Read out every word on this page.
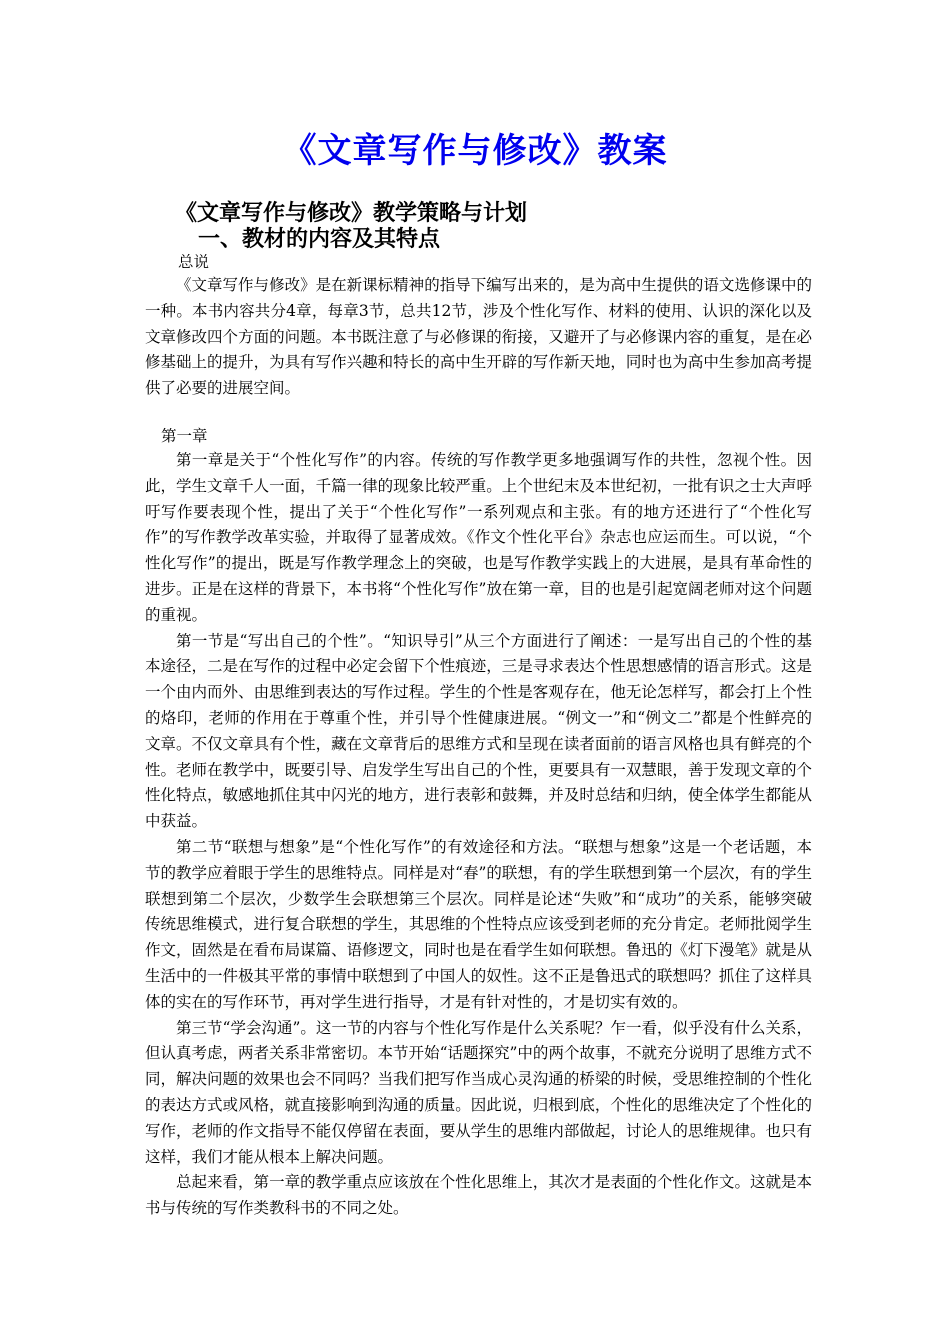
《文章写作与修改》教案
《文章写作与修改》教学策略与计划
一、教材的内容及其特点
总说

《文章写作与修改》是在新课标精神的指导下编写出来的，是为高中生提供的语文选修课中的一种。本书内容共分4章，每章3节，总共12节，涉及个性化写作、材料的使用、认识的深化以及文章修改四个方面的问题。本书既注意了与必修课的衔接，又避开了与必修课内容的重复，是在必修基础上的提升，为具有写作兴趣和特长的高中生开辟的写作新天地，同时也为高中生参加高考提供了必要的进展空间。

第一章

第一章是关于“个性化写作”的内容。传统的写作教学更多地强调写作的共性，忽视个性。因此，学生文章千人一面，千篇一律的现象比较严重。上个世纪末及本世纪初，一批有识之士大声呼吁写作要表现个性，提出了关于“个性化写作”一系列观点和主张。有的地方还进行了“个性化写作”的写作教学改革实验，并取得了显著成效。《作文个性化平台》杂志也应运而生。可以说，“个性化写作”的提出，既是写作教学理念上的突破，也是写作教学实践上的大进展，是具有革命性的进步。正是在这样的背景下，本书将“个性化写作”放在第一章，目的也是引起宽阔老师对这个问题的重视。

第一节是“写出自己的个性”。“知识导引”从三个方面进行了阐述：一是写出自己的个性的基本途径，二是在写作的过程中必定会留下个性痕迹，三是寻求表达个性思想感情的语言形式。这是一个由内而外、由思维到表达的写作过程。学生的个性是客观存在，他无论怎样写，都会打上个性的烙印，老师的作用在于尊重个性，并引导个性健康进展。“例文一”和“例文二”都是个性鲜亮的文章。不仅文章具有个性，藏在文章背后的思维方式和呈现在读者面前的语言风格也具有鲜亮的个性。老师在教学中，既要引导、启发学生写出自己的个性，更要具有一双慧眼，善于发现文章的个性化特点，敏感地抓住其中闪光的地方，进行表彰和鼓舞，并及时总结和归纳，使全体学生都能从中获益。

第二节“联想与想象”是“个性化写作”的有效途径和方法。“联想与想象”这是一个老话题，本节的教学应着眼于学生的思维特点。同样是对“春”的联想，有的学生联想到第一个层次，有的学生联想到第二个层次，少数学生会联想第三个层次。同样是论述“失败”和“成功”的关系，能够突破传统思维模式，进行复合联想的学生，其思维的个性特点应该受到老师的充分肯定。老师批阅学生作文，固然是在看布局谋篇、语修逻文，同时也是在看学生如何联想。鲁迅的《灯下漫笔》就是从生活中的一件极其平常的事情中联想到了中国人的奴性。这不正是鲁迅式的联想吗？抓住了这样具体的实在的写作环节，再对学生进行指导，才是有针对性的，才是切实有效的。

第三节“学会沟通”。这一节的内容与个性化写作是什么关系呢？乍一看，似乎没有什么关系，但认真考虑，两者关系非常密切。本节开始“话题探究”中的两个故事，不就充分说明了思维方式不同，解决问题的效果也会不同吗？当我们把写作当成心灵沟通的桥梁的时候，受思维控制的个性化的表达方式或风格，就直接影响到沟通的质量。因此说，归根到底，个性化的思维决定了个性化的写作，老师的作文指导不能仅停留在表面，要从学生的思维内部做起，讨论人的思维规律。也只有这样，我们才能从根本上解决问题。

总起来看，第一章的教学重点应该放在个性化思维上，其次才是表面的个性化作文。这就是本书与传统的写作类教科书的不同之处。
